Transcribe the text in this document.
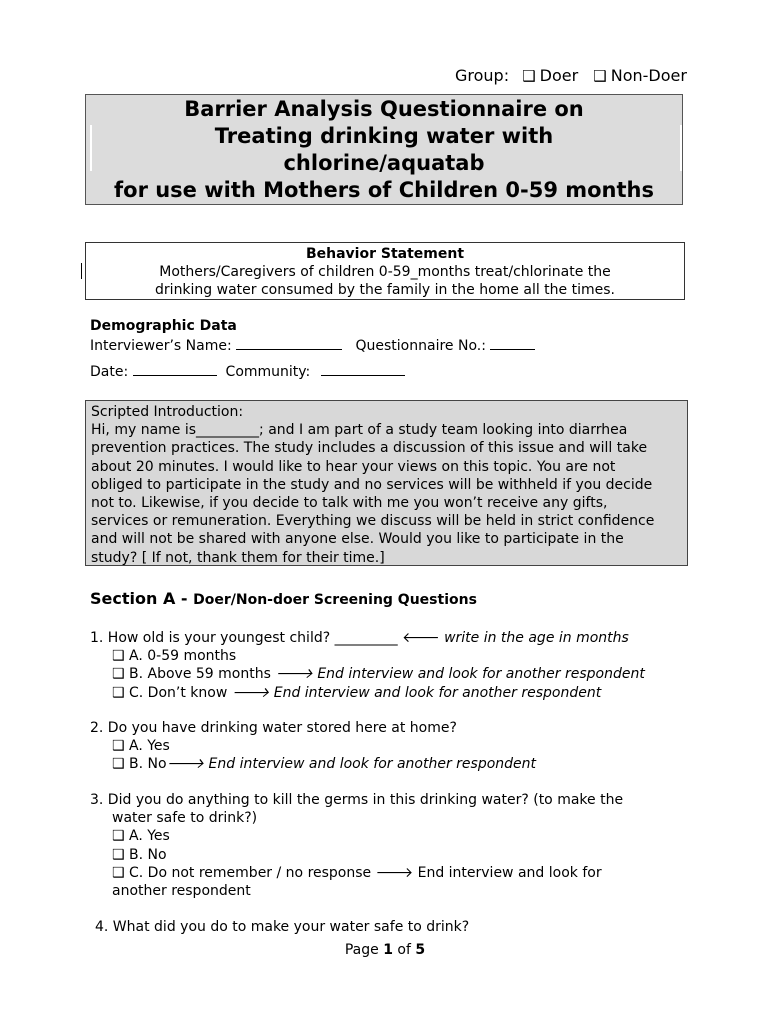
Group: ❑ Doer ❑ Non-Doer
Barrier Analysis Questionnaire on
Treating drinking water with
chlorine/aquatab
for use with Mothers of Children 0-59 months
Behavior Statement
Mothers/Caregivers of children 0-59_months treat/chlorinate the
drinking water consumed by the family in the home all the times.
Demographic Data
Interviewer’s Name:	Questionnaire No.:
Date:	Community:
Scripted Introduction:
Hi, my name is_________; and I am part of a study team looking into diarrhea
prevention practices. The study includes a discussion of this issue and will take
about 20 minutes. I would like to hear your views on this topic. You are not
obliged to participate in the study and no services will be withheld if you decide
not to. Likewise, if you decide to talk with me you won’t receive any gifts,
services or remuneration. Everything we discuss will be held in strict confidence
and will not be shared with anyone else. Would you like to participate in the
study? [ If not, thank them for their time.]
Section A - Doer/Non-doer Screening Questions
1. How old is your youngest child? _________ 🡐 write in the age in months
❑ A. 0-59 months
❑ B. Above 59 months 🡒 End interview and look for another respondent
❑ C. Don’t know 🡒 End interview and look for another respondent
2. Do you have drinking water stored here at home?
❑ A. Yes
❑ B. No🡒 End interview and look for another respondent
3. Did you do anything to kill the germs in this drinking water? (to make the
water safe to drink?)
❑ A. Yes
❑ B. No
❑ C. Do not remember / no response 🡒 End interview and look for
another respondent
4. What did you do to make your water safe to drink?
Page 1 of 5
